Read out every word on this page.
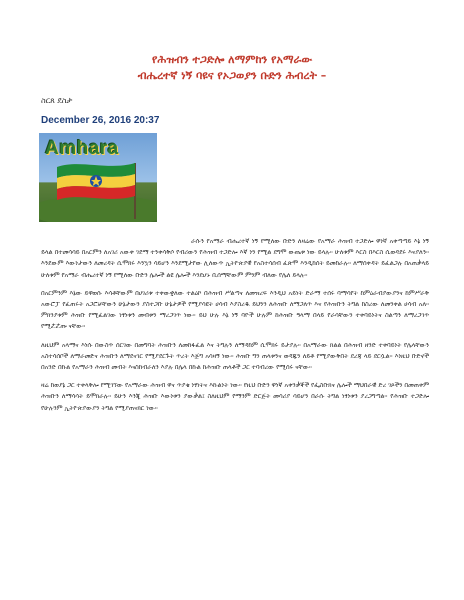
የሕዝብን ተጋድሎ ለማምከን የአማራው
ብሔረተኛ ነኝ ባዩና የኦጋወያን ቡድን ሕብረት –
ስርጸ ደስታ
December 26, 2016 20:37
Amhara

ራሱን የአማራ ብሔረተኛ ነኝ የሚለው ቡድን ለዛሬው የአማራ ሕዝብ ተጋድሎ ዋነኛ አቀጣጣይ እኔ ነኝ ይላል በተመሳሳይ በአርምን ለአገሪ አውቀ ገደማ ተንቀሳቅሶ የብሪውን የሕዝብ ተጋድሎ እኛ ነን የሚል ደግሞ ውጤቱ ነው ይላሉ፡፡ ሁለቱም እርስ በእርስ ሲወዳደሩ እናያለን፡፡ እንደውም እውነታውን ለመረዳት ሲሞክሩ እንኳን ሳይሆን እንደሚታየው ሊለውጥ ኢትዮጵያዊ የአስተሳሰብ ፈጽሞ እንዲከሰት ይመከራሉ፡፡ ለማሰቀዳት ይፈልጋሉ በአጠቃላይ ሁለቱም የአማራ ብሔረተኛ ነኝ የሚለው ቡድን ሌሎች ልዩ ሌሎች እንደሆኑ ቢሰማቸውም ምንም ብለው የሌለ ይላሉ፡፡

በአርምንም እኔው ይዋወሱ እሳቶቸውም በሀገሪቱ ተቀውቋለው ተልዕኮ በሕዝብ ሥልጣና ለመዝረፍ እንዲህ አይነት ድራማ ተሰሩ ባማሳየት ከምዕራብያውያንና ከምሥራቅ አውሮፓ የፈጠሩት አጋሮቻቸውን ሁኔታውን ያስተጋቡ ሁኔታዎች የሚያሳዩት ሀሳብ እያስረዱ ይህንን ለሕዝቡ ለማጋለጥ እና የሕዝቡን ትግል ከስረው ለመንቀል ሀሳብ አለ፡፡ ምክንያቱም ሕዝቡ የሚፈልገው ነፃነቱን መብቱን ማረጋገጥ ነው፡፡ ይህ ሁሉ እኔ ነኝ ባዮች ሁሉም ከሕዝቡ ዓላማ በላይ የራሳቸውን ተቀባይነትና ስልጣን ለማረጋገጥ የሚሯሯጡ ናቸው፡፡

ለዚህም አላማና እነሱ በውስጥ ሰርገው በመግባት ሕዝቡን ለመከፋፈል እና ትግሉን ለማዳከም ሲሞክሩ ይታያሉ፡፡ በአማራው ክልል በሕዝብ ዘንድ ተቀባይነት የሌላቸውን አስተሳሰቦች ለማራመድና ሕዝቡን ለማደናገር የሚያደርጉት ጥረት እጅግ አሳዛኝ ነው፡፡ ሕዝቡ ግን ጠላቱንና ወዳጁን ለይቶ የሚያውቅበት ደረጃ ላይ ደርሷል፡፡ እነዚህ ቡድኖች በአንድ በኩል የአማራን ሕዝብ መብት እናስከብራለን እያሉ በሌላ በኩል ከሕዝቡ ጠላቶች ጋር ተባብረው የሚሰሩ ናቸው፡፡

ዛሬ ከወያኔ ጋር ተቀላቅሎ የሚገኘው የአማራው ሕዝብ ዋና ጥያቄ ነፃነትና እኩልነት ነው፡፡ የዚህ ቡድን ዋነኛ አቀንቃኞች የፌስቡክና ሌሎች ማህበራዊ ድረ ገጾችን በመጠቀም ሕዝቡን ለማሳሳት ይሞክራሉ፡፡ ይሁን እንጂ ሕዝቡ እውነቱን ያውቃል፤ ስለዚህም የማንም ድርጅት መሳሪያ ሳይሆን በራሱ ትግል ነፃነቱን ያረጋግጣል፡፡ የሕዝቡ ተጋድሎ የሁሉንም ኢትዮጵያውያን ትግል የሚያጠናክር ነው፡፡
